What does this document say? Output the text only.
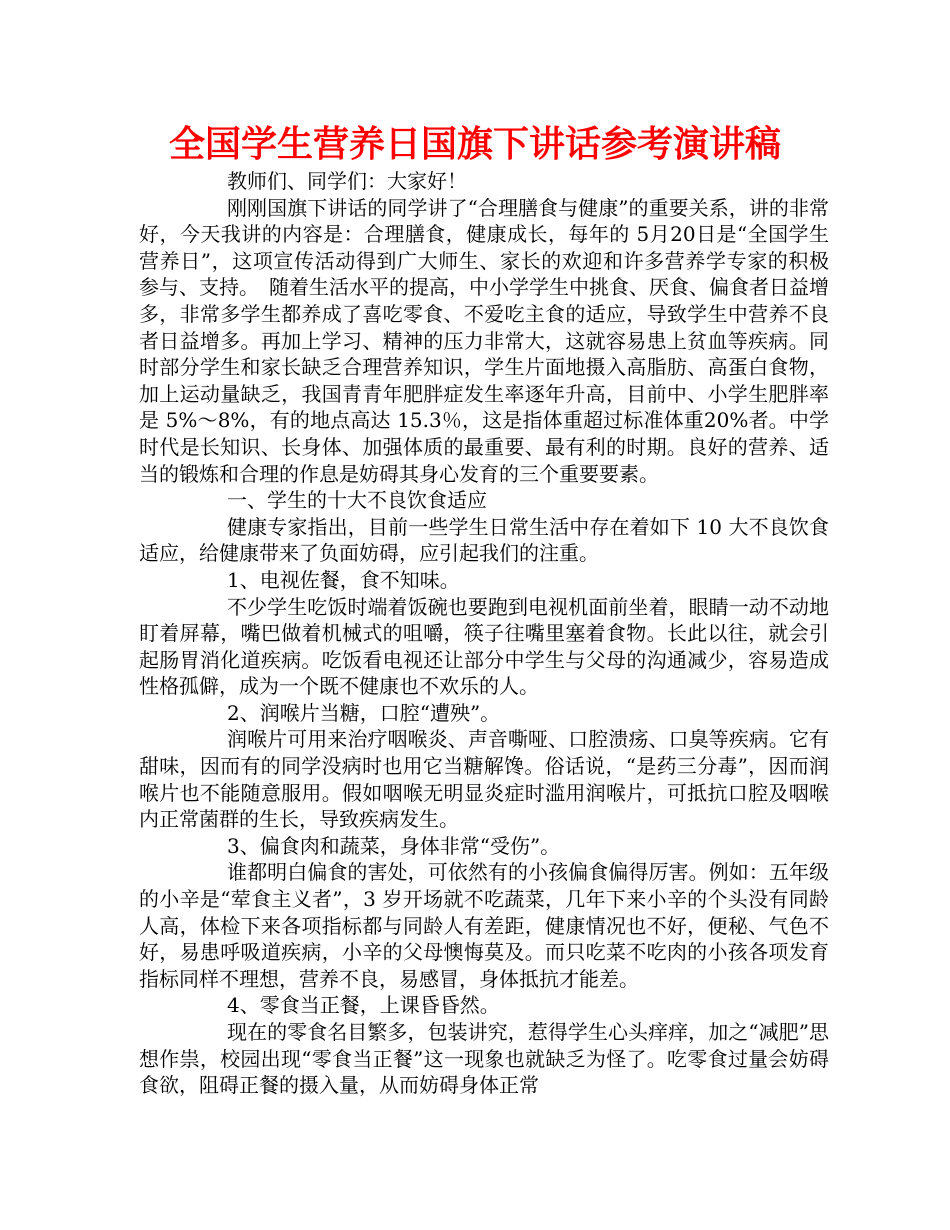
全国学生营养日国旗下讲话参考演讲稿

教师们、同学们：大家好！

刚刚国旗下讲话的同学讲了“合理膳食与健康”的重要关系，讲的非常好，今天我讲的内容是：合理膳食，健康成长，每年的 5月20日是“全国学生营养日”，这项宣传活动得到广大师生、家长的欢迎和许多营养学专家的积极参与、支持。　随着生活水平的提高，中小学学生中挑食、厌食、偏食者日益增多，非常多学生都养成了喜吃零食、不爱吃主食的适应，导致学生中营养不良者日益增多。再加上学习、精神的压力非常大，这就容易患上贫血等疾病。同时部分学生和家长缺乏合理营养知识，学生片面地摄入高脂肪、高蛋白食物，加上运动量缺乏，我国青青年肥胖症发生率逐年升高，目前中、小学生肥胖率是 5%～8%，有的地点高达 15.3％，这是指体重超过标准体重20%者。中学时代是长知识、长身体、加强体质的最重要、最有利的时期。良好的营养、适当的锻炼和合理的作息是妨碍其身心发育的三个重要要素。

一、学生的十大不良饮食适应

健康专家指出，目前一些学生日常生活中存在着如下 10 大不良饮食适应，给健康带来了负面妨碍，应引起我们的注重。

1、电视佐餐，食不知味。

不少学生吃饭时端着饭碗也要跑到电视机面前坐着，眼睛一动不动地盯着屏幕，嘴巴做着机械式的咀嚼，筷子往嘴里塞着食物。长此以往，就会引起肠胃消化道疾病。吃饭看电视还让部分中学生与父母的沟通减少，容易造成性格孤僻，成为一个既不健康也不欢乐的人。

2、润喉片当糖，口腔“遭殃”。

润喉片可用来治疗咽喉炎、声音嘶哑、口腔溃疡、口臭等疾病。它有甜味，因而有的同学没病时也用它当糖解馋。俗话说，“是药三分毒”，因而润喉片也不能随意服用。假如咽喉无明显炎症时滥用润喉片，可抵抗口腔及咽喉内正常菌群的生长，导致疾病发生。

3、偏食肉和蔬菜，身体非常“受伤”。

谁都明白偏食的害处，可依然有的小孩偏食偏得厉害。例如：五年级的小辛是“荤食主义者”，3 岁开场就不吃蔬菜，几年下来小辛的个头没有同龄人高，体检下来各项指标都与同龄人有差距，健康情况也不好，便秘、气色不好，易患呼吸道疾病，小辛的父母懊悔莫及。而只吃菜不吃肉的小孩各项发育指标同样不理想，营养不良，易感冒，身体抵抗才能差。

4、零食当正餐，上课昏昏然。

现在的零食名目繁多，包装讲究，惹得学生心头痒痒，加之“减肥”思想作祟，校园出现“零食当正餐”这一现象也就缺乏为怪了。吃零食过量会妨碍食欲，阻碍正餐的摄入量，从而妨碍身体正常
